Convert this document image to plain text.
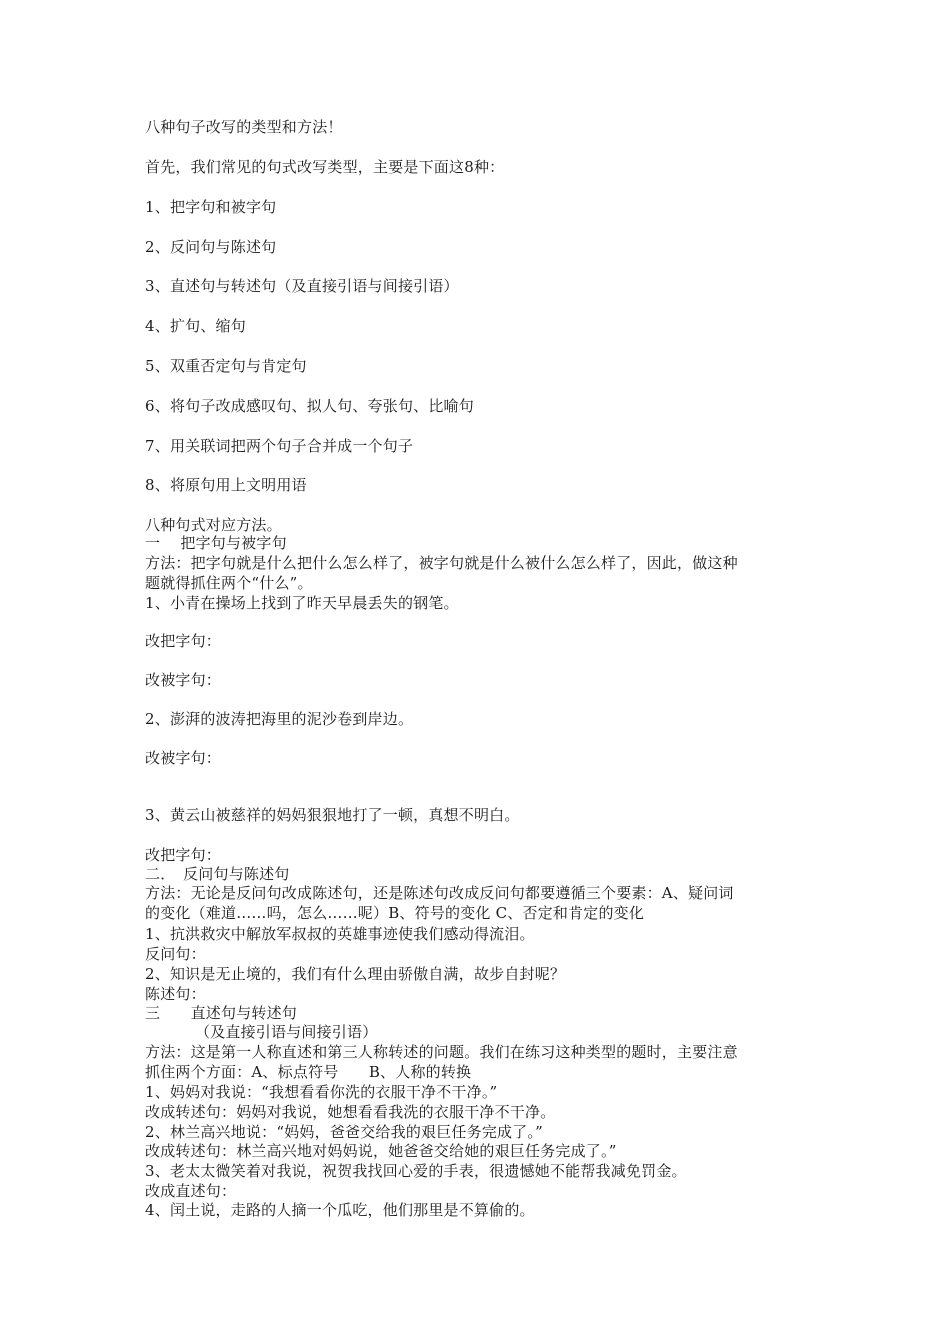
八种句子改写的类型和方法！
首先，我们常见的句式改写类型，主要是下面这8种：
1、把字句和被字句
2、反问句与陈述句
3、直述句与转述句（及直接引语与间接引语）
4、扩句、缩句
5、双重否定句与肯定句
6、将句子改成感叹句、拟人句、夸张句、比喻句
7、用关联词把两个句子合并成一个句子
8、将原句用上文明用语
八种句式对应方法。
一　 把字句与被字句
方法：把字句就是什么把什么怎么样了，被字句就是什么被什么怎么样了，因此，做这种
题就得抓住两个“什么”。
1、小青在操场上找到了昨天早晨丢失的钢笔。
改把字句：
改被字句：
2、澎湃的波涛把海里的泥沙卷到岸边。
改被字句：
3、黄云山被慈祥的妈妈狠狠地打了一顿，真想不明白。
改把字句：
二．　反问句与陈述句
方法：无论是反问句改成陈述句，还是陈述句改成反问句都要遵循三个要素：A、疑问词
的变化（难道……吗，怎么……呢）B、符号的变化 C、否定和肯定的变化
1、抗洪救灾中解放军叔叔的英雄事迹使我们感动得流泪。
反问句：
2、知识是无止境的，我们有什么理由骄傲自满，故步自封呢？
陈述句：
三　　直述句与转述句
（及直接引语与间接引语）
方法：这是第一人称直述和第三人称转述的问题。我们在练习这种类型的题时，主要注意
抓住两个方面：A、标点符号　　B、人称的转换
1、妈妈对我说：“我想看看你洗的衣服干净不干净。”
改成转述句：妈妈对我说，她想看看我洗的衣服干净不干净。
2、林兰高兴地说：“妈妈，爸爸交给我的艰巨任务完成了。”
改成转述句：林兰高兴地对妈妈说，她爸爸交给她的艰巨任务完成了。”
3、老太太微笑着对我说，祝贺我找回心爱的手表，很遗憾她不能帮我减免罚金。
改成直述句：
4、闰土说，走路的人摘一个瓜吃，他们那里是不算偷的。
